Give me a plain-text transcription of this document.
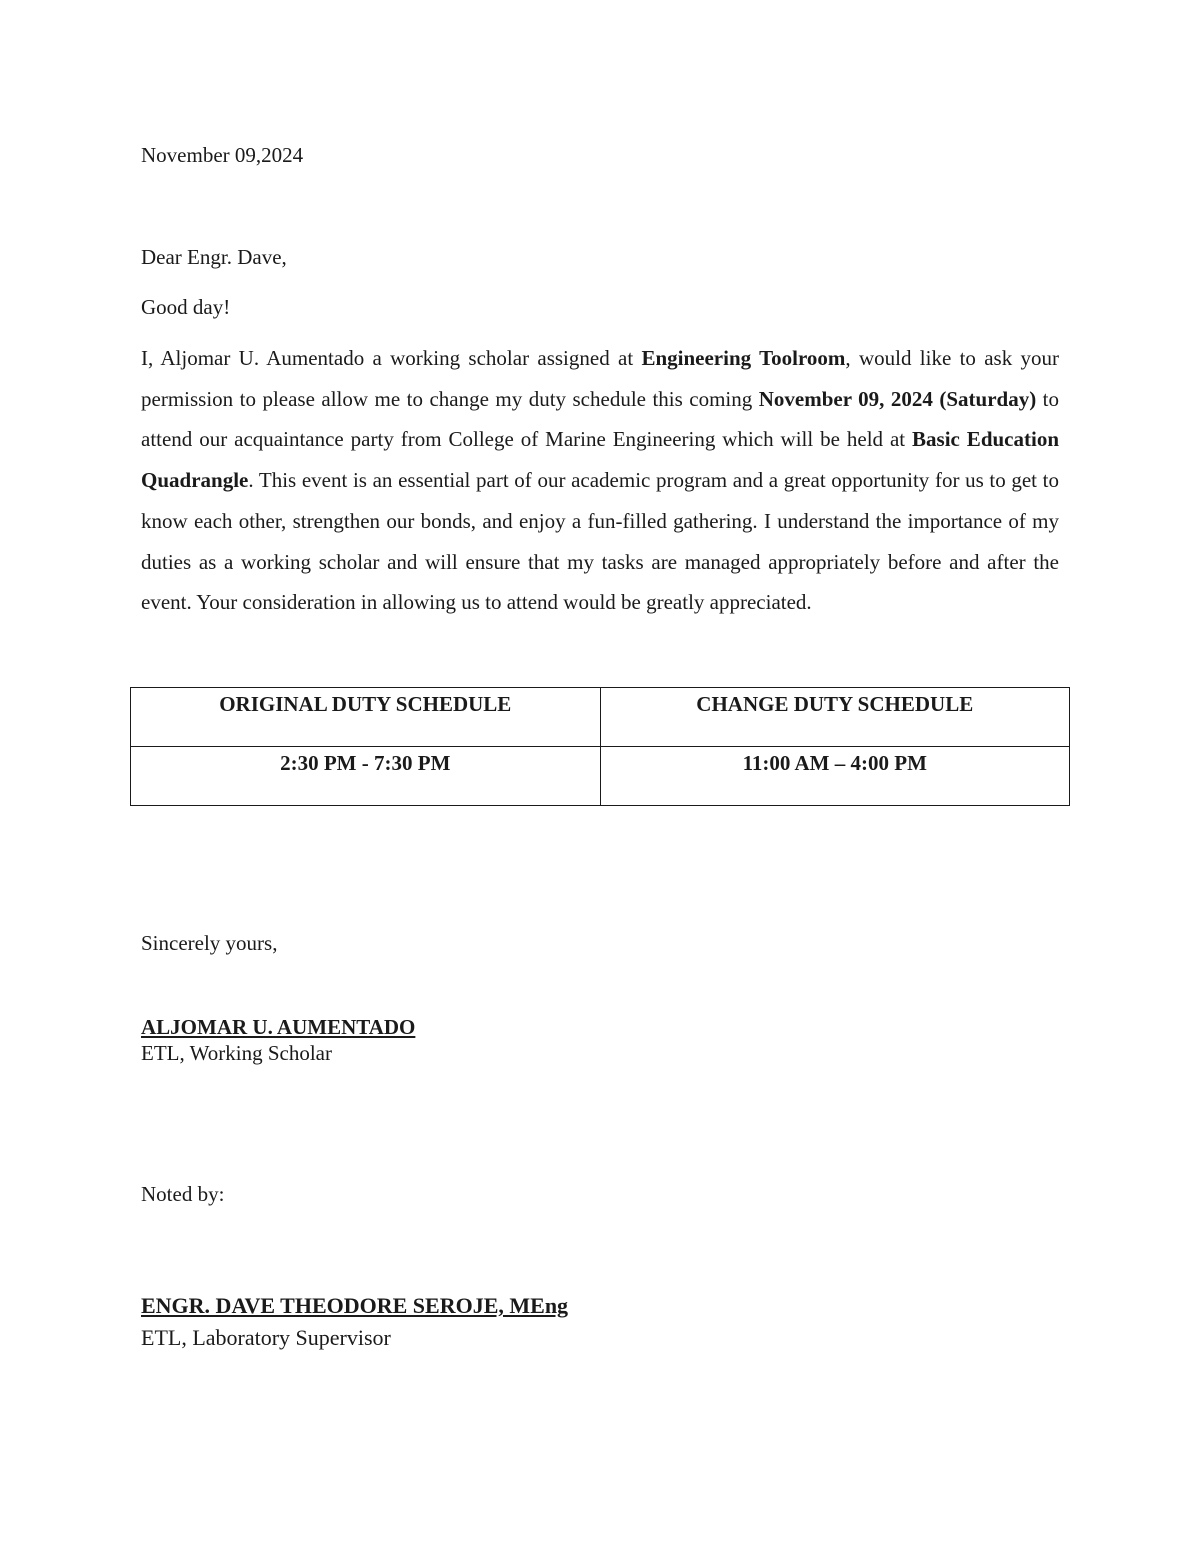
November 09,2024
Dear Engr. Dave,
Good day!
I, Aljomar U. Aumentado a working scholar assigned at Engineering Toolroom, would like to ask your permission to please allow me to change my duty schedule this coming November 09, 2024 (Saturday) to attend our acquaintance party from College of Marine Engineering which will be held at Basic Education Quadrangle. This event is an essential part of our academic program and a great opportunity for us to get to know each other, strengthen our bonds, and enjoy a fun-filled gathering. I understand the importance of my duties as a working scholar and will ensure that my tasks are managed appropriately before and after the event. Your consideration in allowing us to attend would be greatly appreciated.
ORIGINAL DUTY SCHEDULE	CHANGE DUTY SCHEDULE
2:30 PM - 7:30 PM	11:00 AM – 4:00 PM
Sincerely yours,
ALJOMAR U. AUMENTADO
ETL, Working Scholar
Noted by:
ENGR. DAVE THEODORE SEROJE, MEng
ETL, Laboratory Supervisor
